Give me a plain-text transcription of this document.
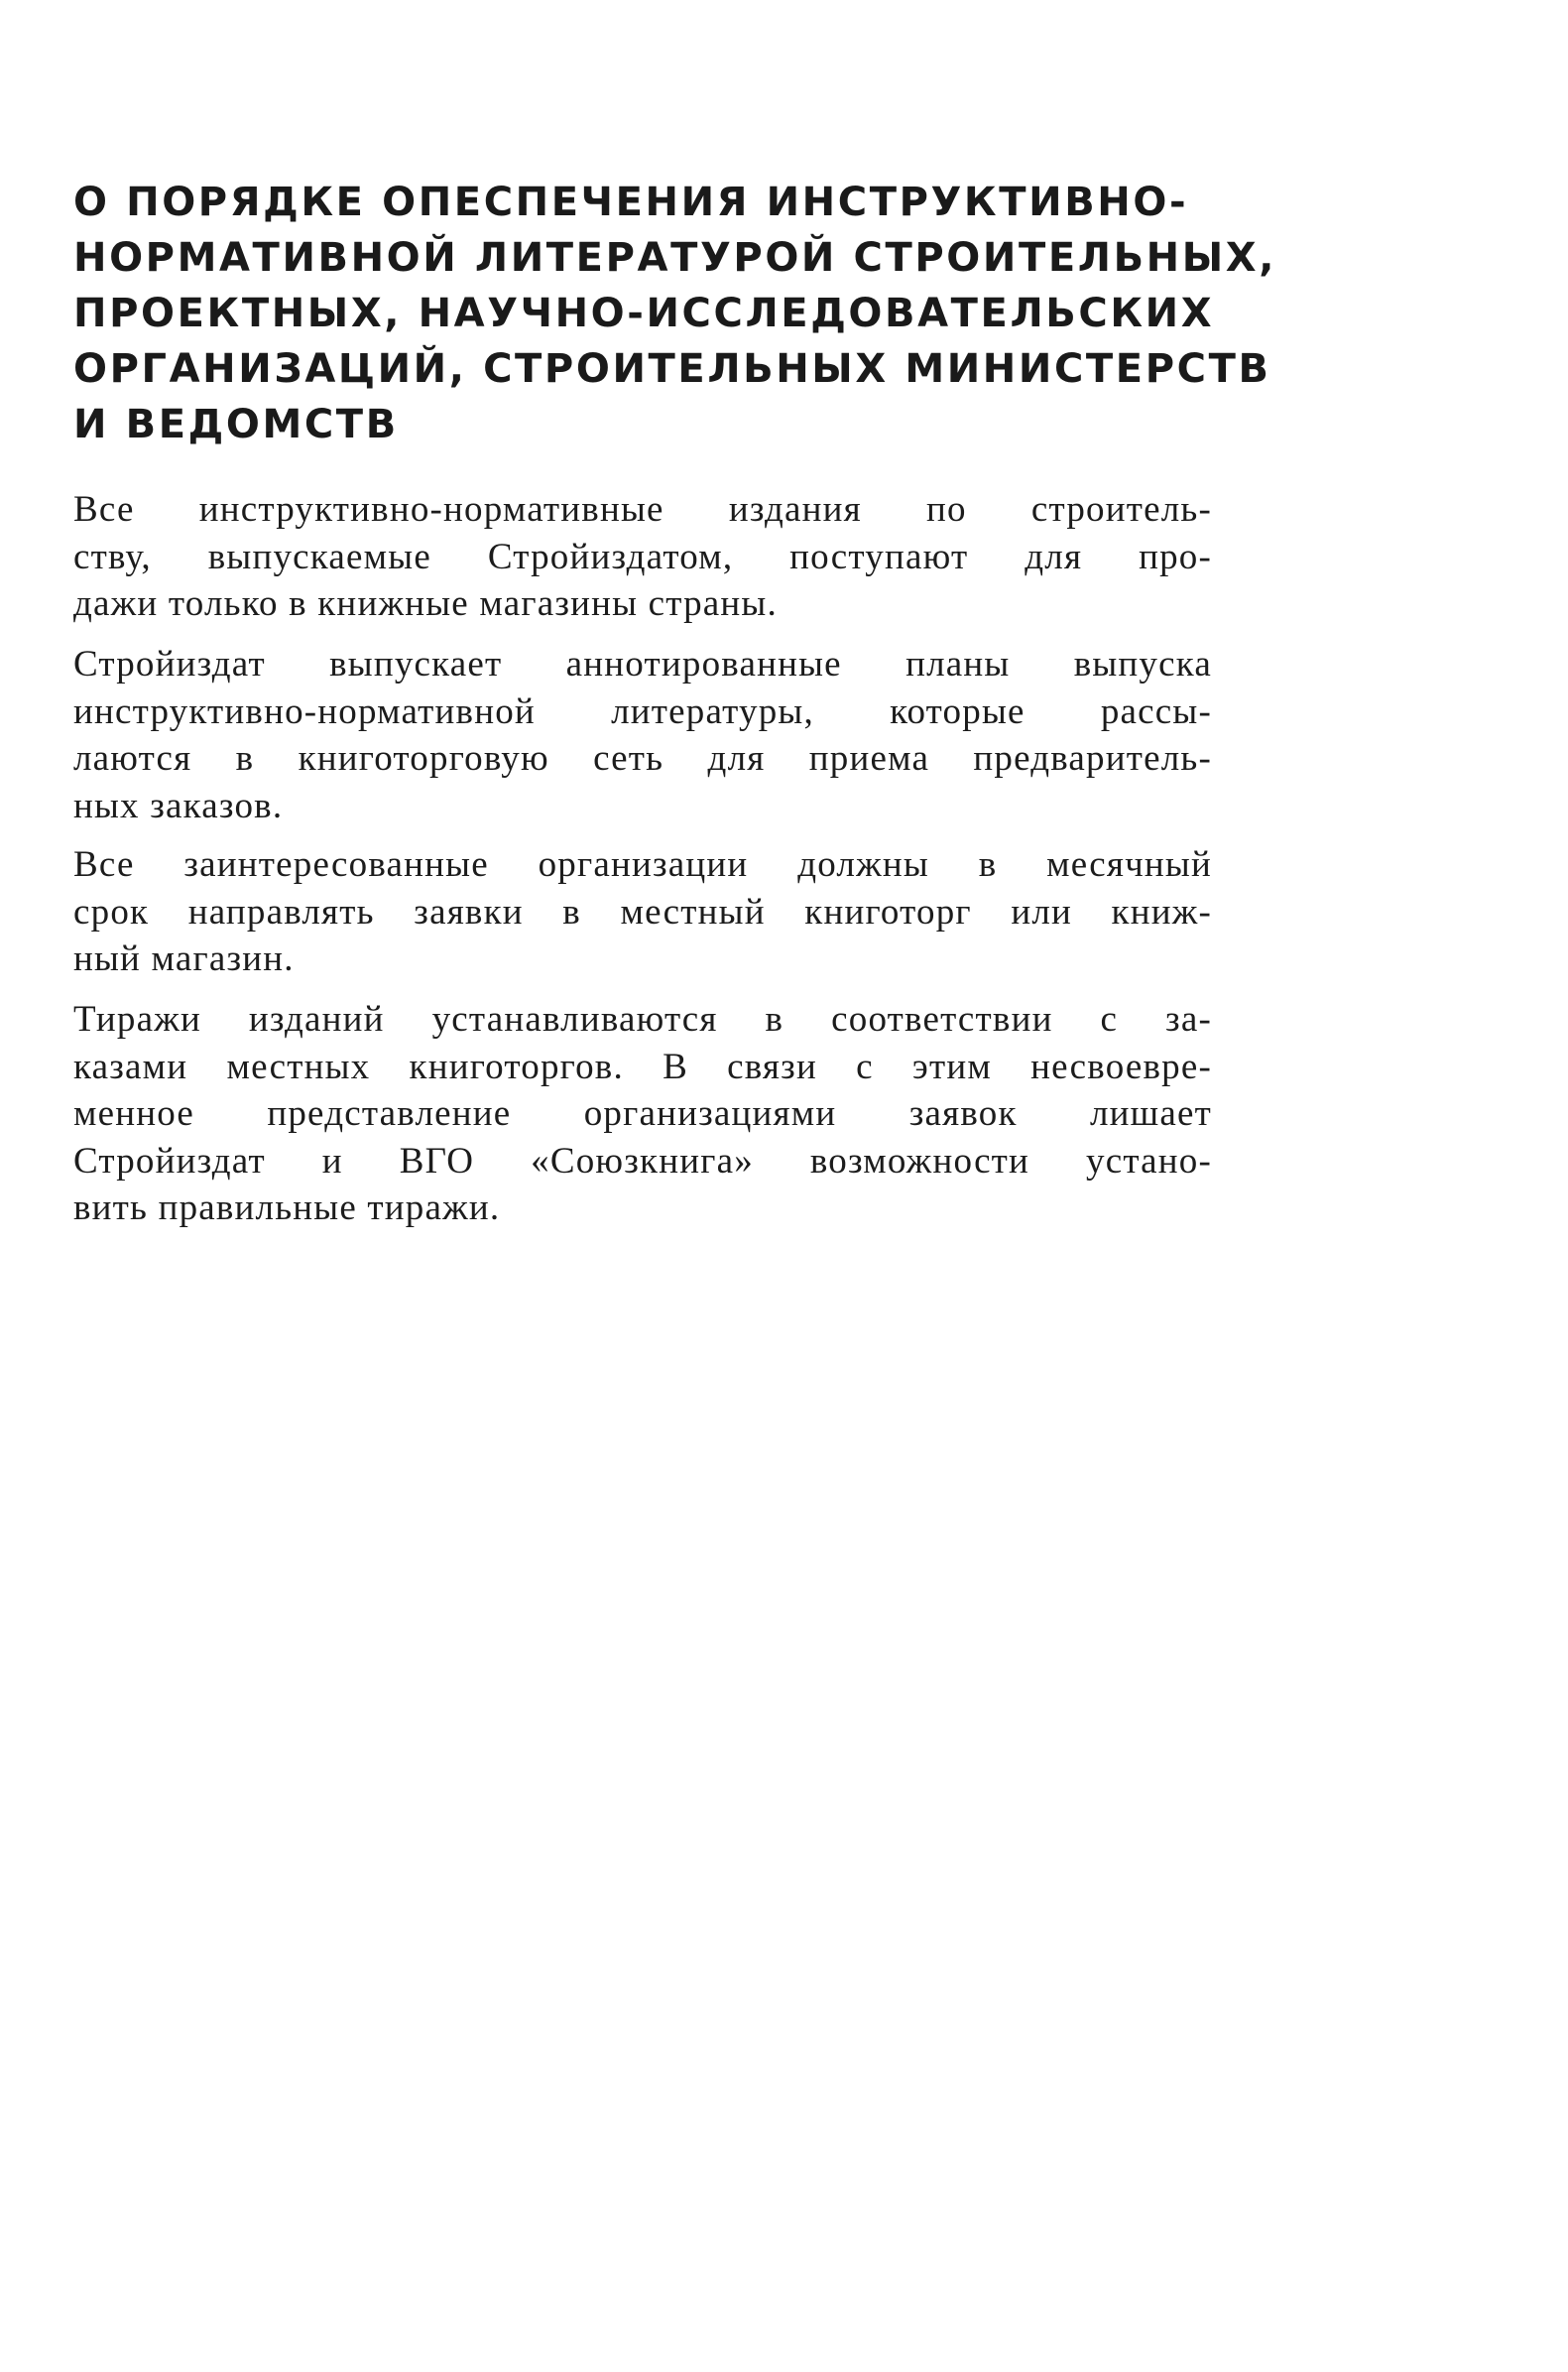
О ПОРЯДКЕ ОПЕСПЕЧЕНИЯ ИНСТРУКТИВНО-
НОРМАТИВНОЙ ЛИТЕРАТУРОЙ СТРОИТЕЛЬНЫХ,
ПРОЕКТНЫХ, НАУЧНО-ИССЛЕДОВАТЕЛЬСКИХ
ОРГАНИЗАЦИЙ, СТРОИТЕЛЬНЫХ МИНИСТЕРСТВ
И ВЕДОМСТВ
Все инструктивно-нормативные издания по строитель-
ству, выпускаемые Стройиздатом, поступают для про-
дажи только в книжные магазины страны.
Стройиздат выпускает аннотированные планы выпуска
инструктивно-нормативной литературы, которые рассы-
лаются в книготорговую сеть для приема предваритель-
ных заказов.
Все заинтересованные организации должны в месячный
срок направлять заявки в местный книготорг или книж-
ный магазин.
Тиражи изданий устанавливаются в соответствии с за-
казами местных книготоргов. В связи с этим несвоевре-
менное представление организациями заявок лишает
Стройиздат и ВГО «Союзкнига» возможности устано-
вить правильные тиражи.
